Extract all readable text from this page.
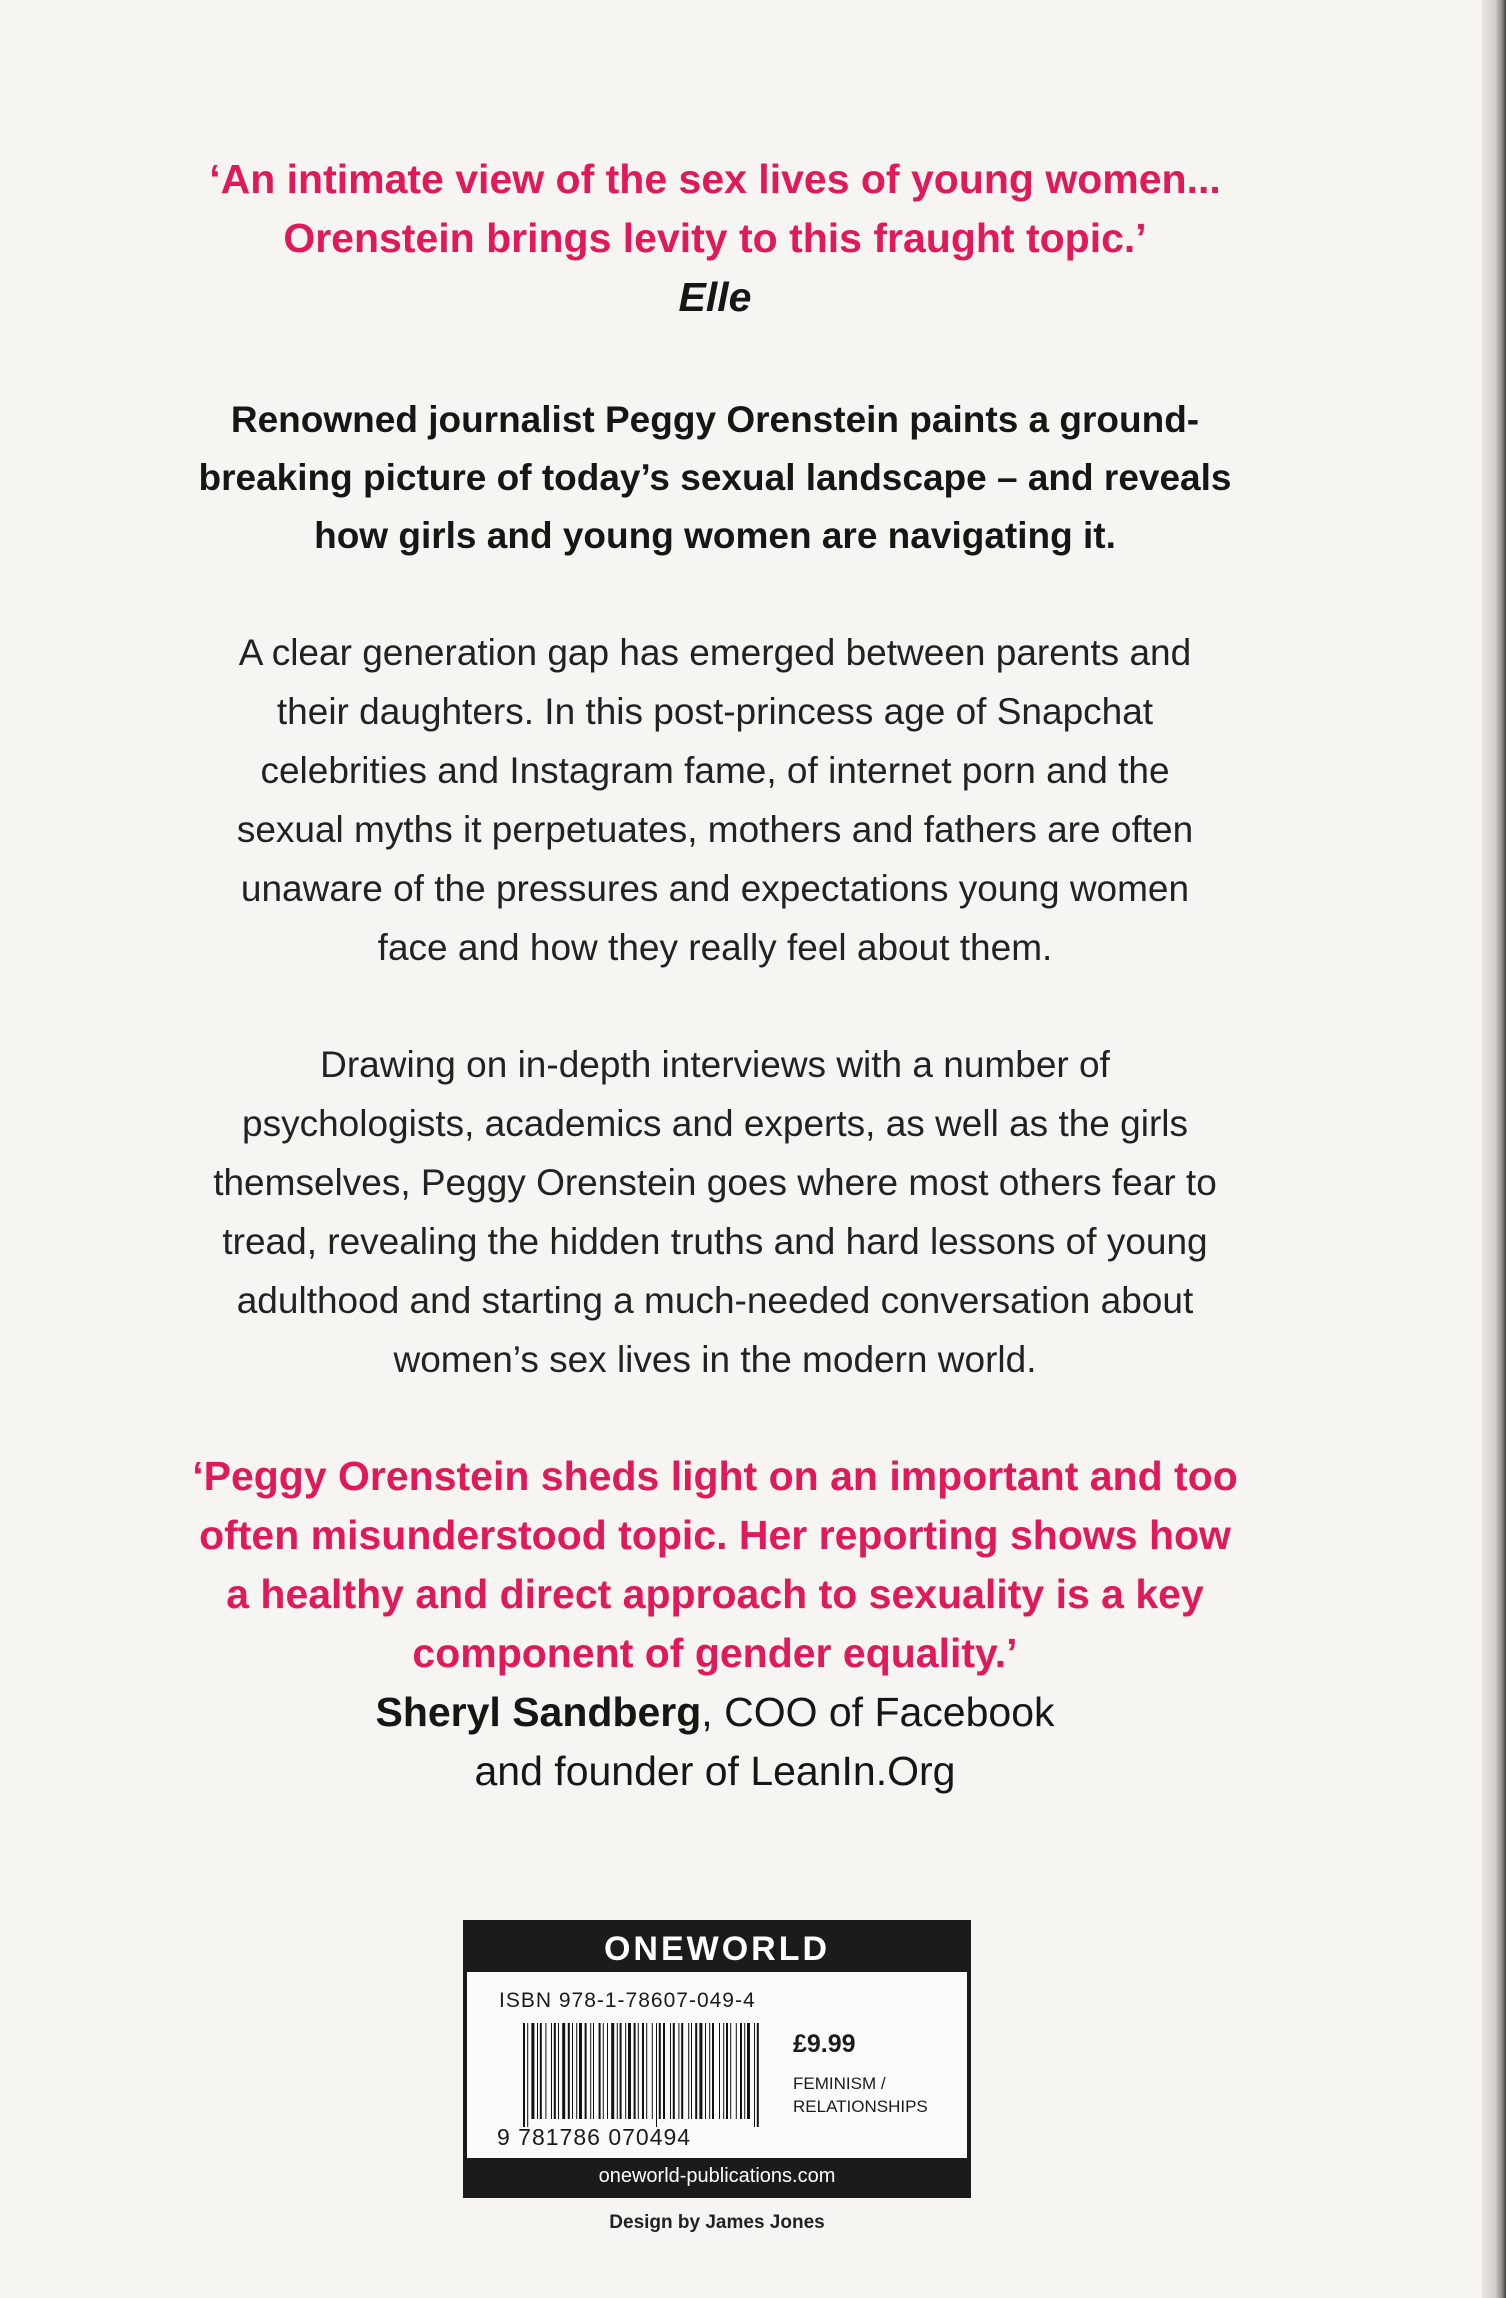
‘An intimate view of the sex lives of young women...
Orenstein brings levity to this fraught topic.’
Elle
Renowned journalist Peggy Orenstein paints a ground-
breaking picture of today’s sexual landscape – and reveals
how girls and young women are navigating it.
A clear generation gap has emerged between parents and
their daughters. In this post-princess age of Snapchat
celebrities and Instagram fame, of internet porn and the
sexual myths it perpetuates, mothers and fathers are often
unaware of the pressures and expectations young women
face and how they really feel about them.
Drawing on in-depth interviews with a number of
psychologists, academics and experts, as well as the girls
themselves, Peggy Orenstein goes where most others fear to
tread, revealing the hidden truths and hard lessons of young
adulthood and starting a much-needed conversation about
women’s sex lives in the modern world.
‘Peggy Orenstein sheds light on an important and too
often misunderstood topic. Her reporting shows how
a healthy and direct approach to sexuality is a key
component of gender equality.’
Sheryl Sandberg, COO of Facebook
and founder of LeanIn.Org
ONEWORLD
ISBN 978-1-78607-049-4
9 781786 070494
£9.99
FEMINISM /
RELATIONSHIPS
oneworld-publications.com
Design by James Jones
